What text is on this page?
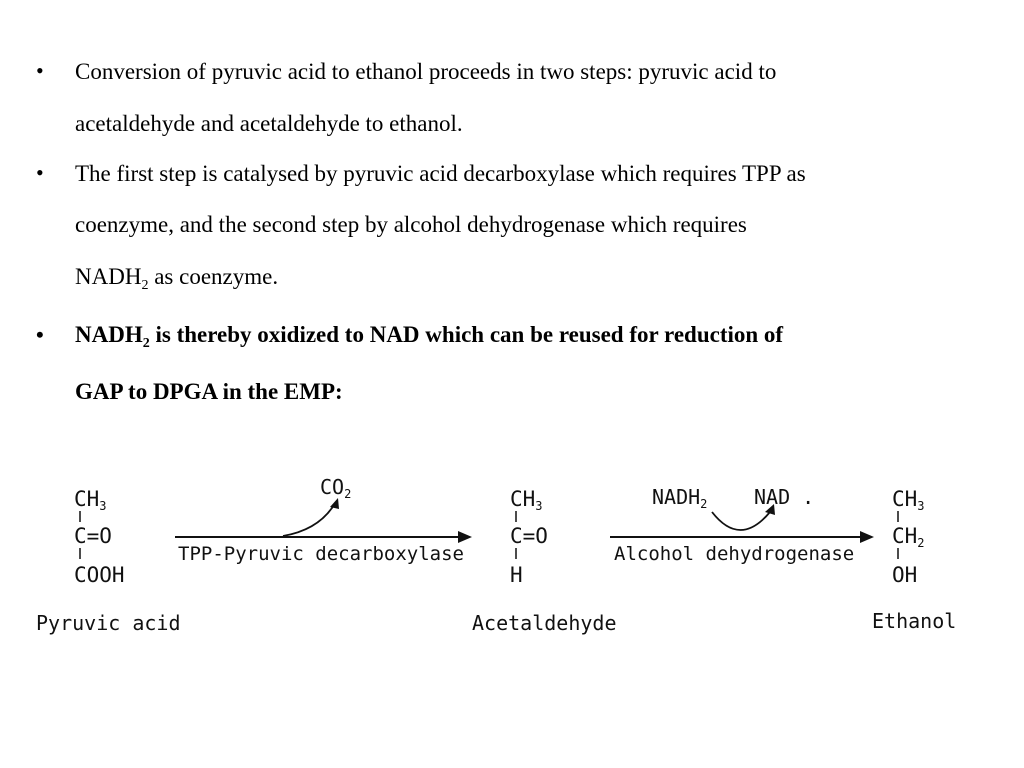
• Conversion of pyruvic acid to ethanol proceeds in two steps: pyruvic acid to
acetaldehyde and acetaldehyde to ethanol.
• The first step is catalysed by pyruvic acid decarboxylase which requires TPP as
coenzyme, and the second step by alcohol dehydrogenase which requires
$NADH_2$ as coenzyme.
• $NADH_2$ is thereby oxidized to NAD which can be reused for reduction of
GAP to DPGA in the EMP:
CH3
C=O
COOH
Pyruvic acid
$CO_2$
TPP-Pyruvic decarboxylase
CH3
C=O
H
Acetaldehyde
$NADH_2$ NAD .
Alcohol dehydrogenase
CH3
CH2
OH
Ethanol
